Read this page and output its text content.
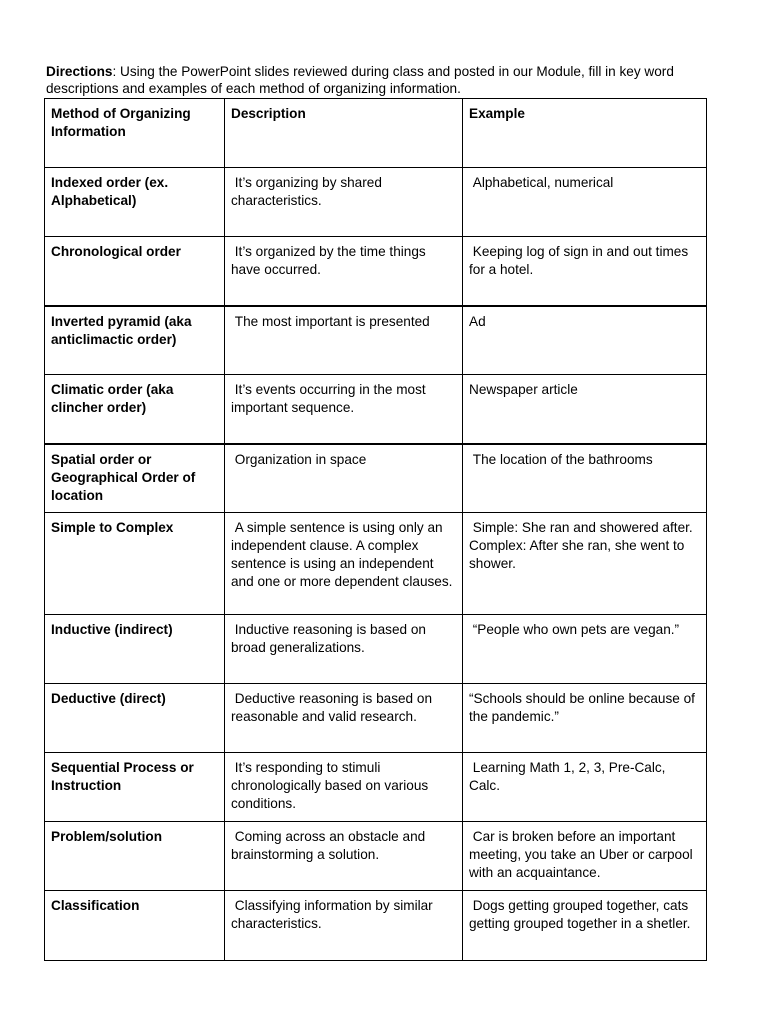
Directions: Using the PowerPoint slides reviewed during class and posted in our Module, fill in key word descriptions and examples of each method of organizing information.
Method of Organizing Information	Description	Example

Indexed order (ex. Alphabetical)	It’s organizing by shared characteristics.	Alphabetical, numerical

Chronological order	It’s organized by the time things have occurred.	Keeping log of sign in and out times for a hotel.

Inverted pyramid (aka anticlimactic order)	The most important is presented	Ad

Climatic order (aka clincher order)	It’s events occurring in the most important sequence.	Newspaper article

Spatial order or Geographical Order of location	Organization in space	The location of the bathrooms

Simple to Complex	A simple sentence is using only an independent clause. A complex sentence is using an independent and one or more dependent clauses.	Simple: She ran and showered after.
Complex: After she ran, she went to shower.

Inductive (indirect)	Inductive reasoning is based on broad generalizations.	“People who own pets are vegan.”

Deductive (direct)	Deductive reasoning is based on reasonable and valid research.	“Schools should be online because of the pandemic.”

Sequential Process or Instruction	It’s responding to stimuli chronologically based on various conditions.	Learning Math 1, 2, 3, Pre-Calc, Calc.

Problem/solution	Coming across an obstacle and brainstorming a solution.	Car is broken before an important meeting, you take an Uber or carpool with an acquaintance.

Classification	Classifying information by similar characteristics.	Dogs getting grouped together, cats getting grouped together in a shetler.
